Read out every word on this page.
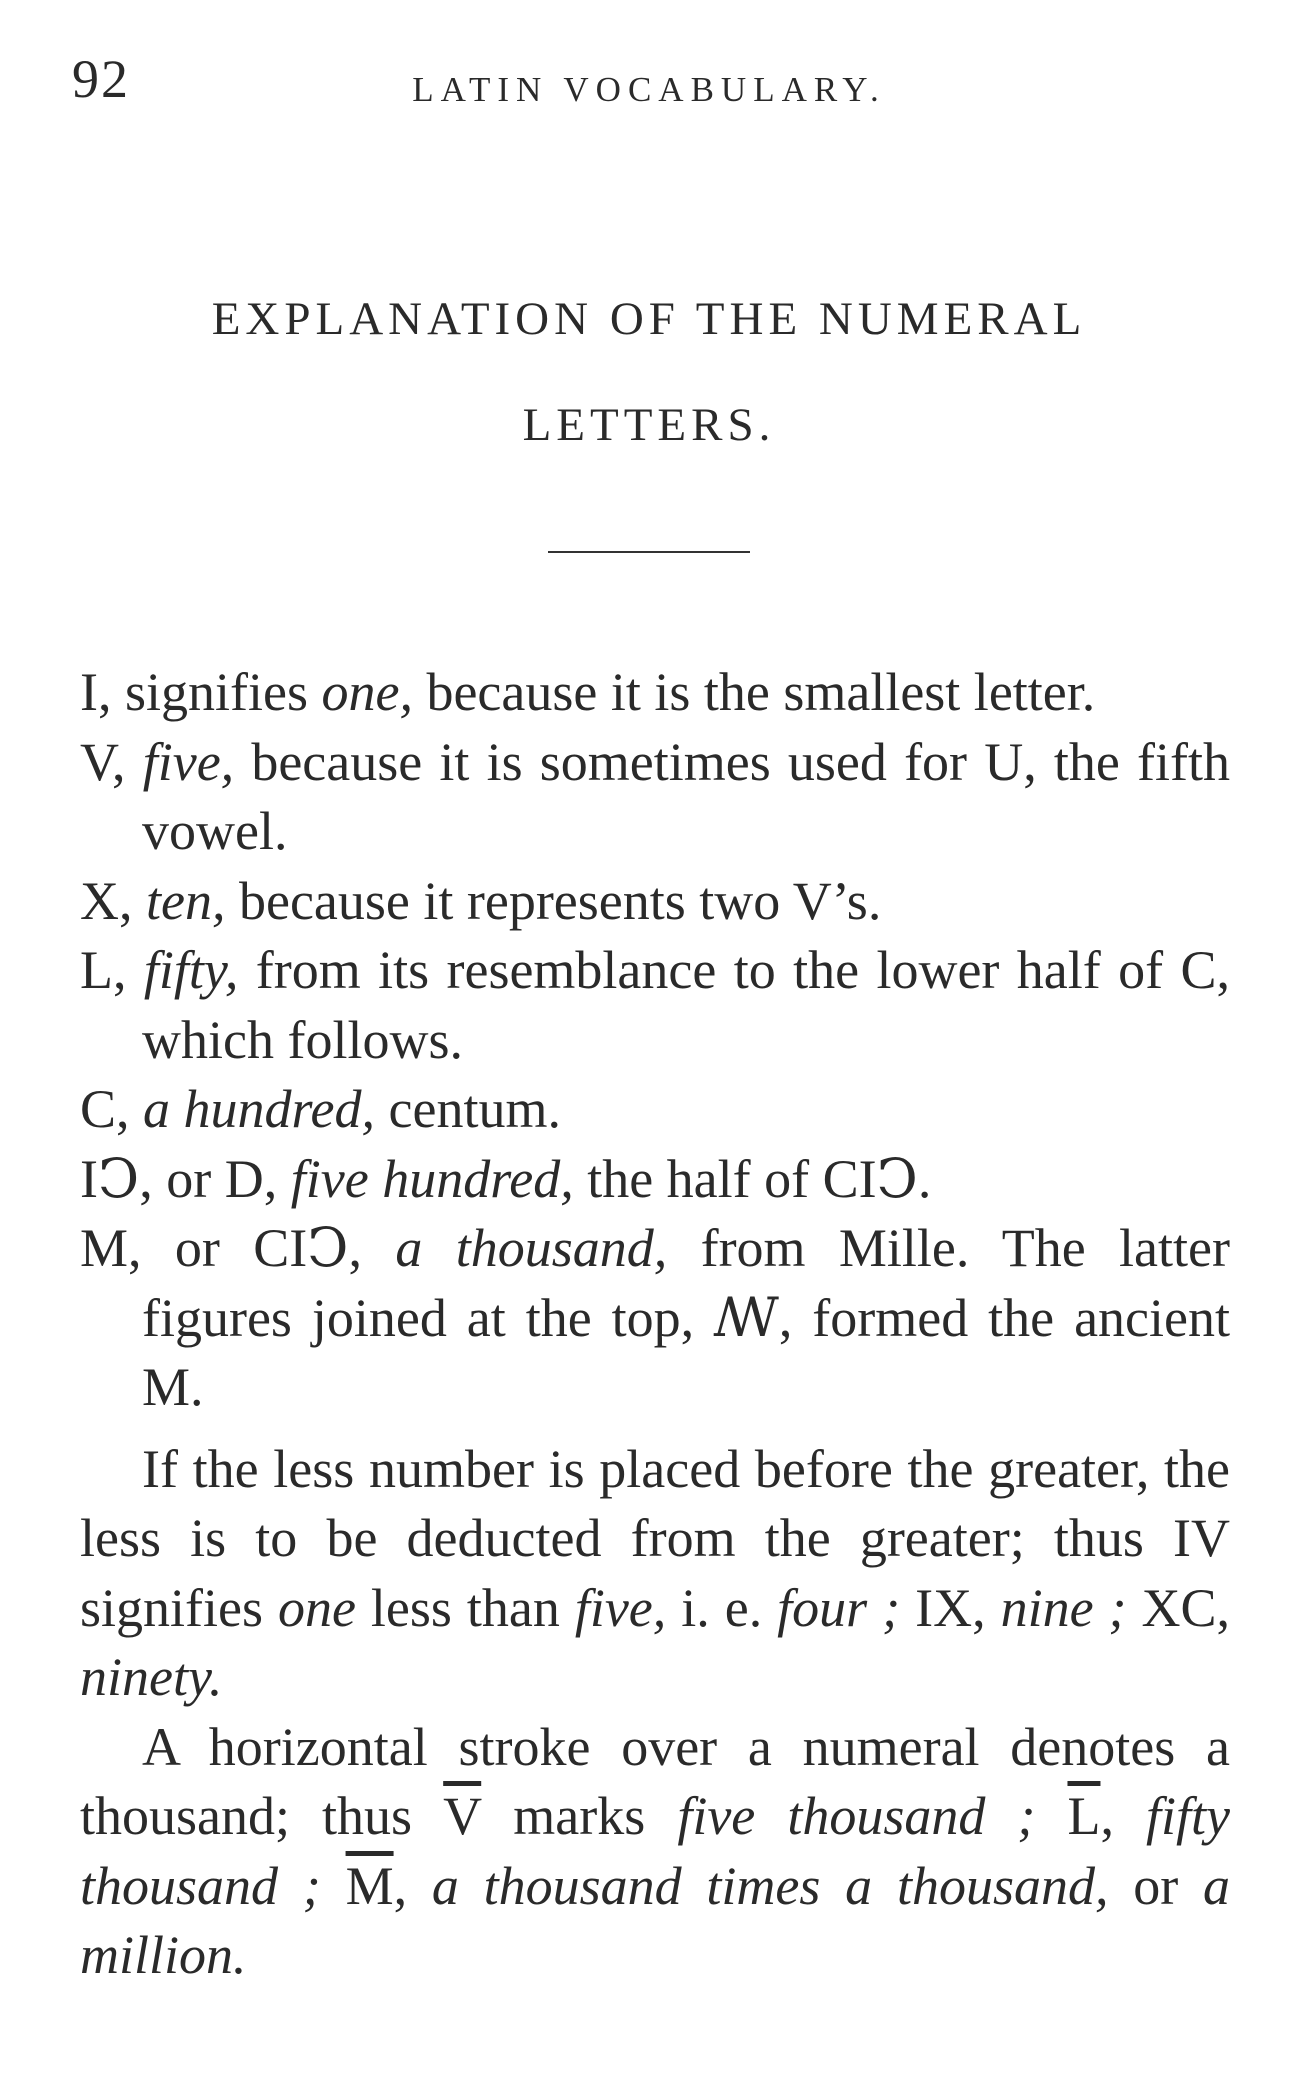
92	LATIN VOCABULARY.
EXPLANATION OF THE NUMERAL
LETTERS.
I, signifies one, because it is the smallest letter.
V, five, because it is sometimes used for U, the fifth vowel.
X, ten, because it represents two V’s.
L, fifty, from its resemblance to the lower half of C, which follows.
C, a hundred, centum.
IↃ, or D, five hundred, the half of CIↃ.
M, or CIↃ, a thousand, from Mille. The latter figures joined at the top, ꟿ, formed the ancient M.
If the less number is placed before the greater, the less is to be deducted from the greater; thus IV signifies one less than five, i. e. four ; IX, nine ; XC, ninety.
A horizontal stroke over a numeral denotes a thousand; thus $\overline{V}$ marks five thousand ; $\overline{L}$, fifty thousand ; $\overline{M}$, a thousand times a thousand, or a million.
